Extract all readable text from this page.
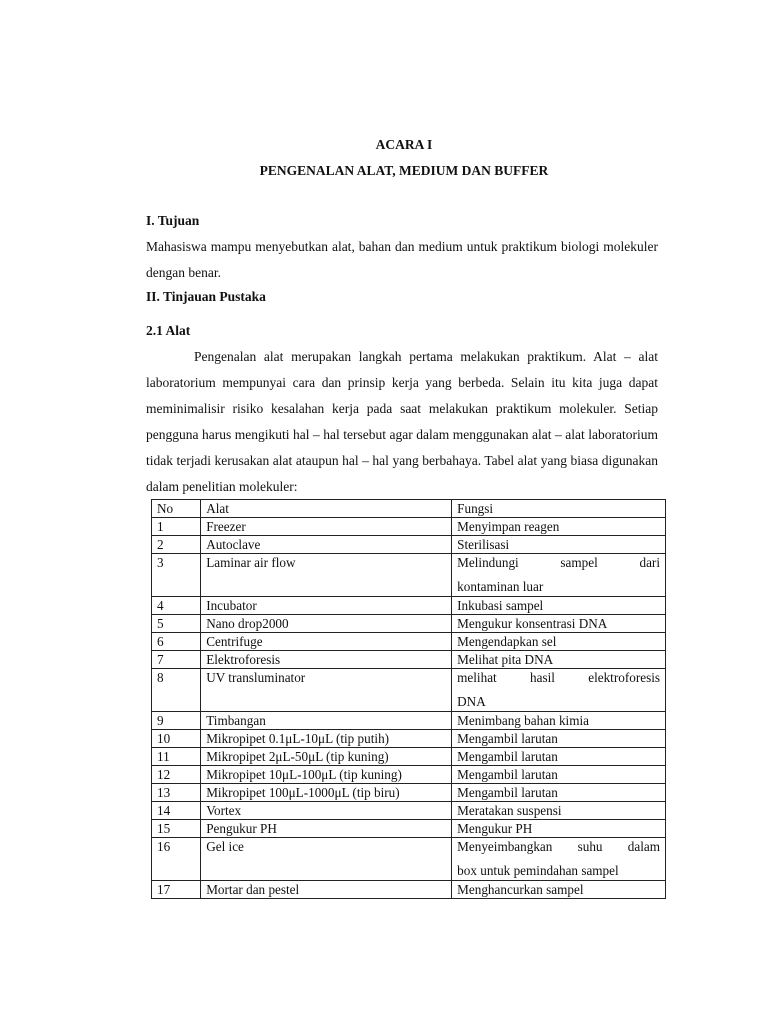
ACARA I
PENGENALAN ALAT, MEDIUM DAN BUFFER
I. Tujuan
Mahasiswa mampu menyebutkan alat, bahan dan medium untuk praktikum biologi molekuler dengan benar.
II. Tinjauan Pustaka
2.1 Alat
Pengenalan alat merupakan langkah pertama melakukan praktikum. Alat – alat laboratorium mempunyai cara dan prinsip kerja yang berbeda. Selain itu kita juga dapat meminimalisir risiko kesalahan kerja pada saat melakukan praktikum molekuler. Setiap pengguna harus mengikuti hal – hal tersebut agar dalam menggunakan alat – alat laboratorium tidak terjadi kerusakan alat ataupun hal – hal yang berbahaya. Tabel alat yang biasa digunakan dalam penelitian molekuler:
No	Alat	Fungsi
1	Freezer	Menyimpan reagen
2	Autoclave	Sterilisasi
3	Laminar air flow	Melindungi sampel dari
kontaminan luar

4	Incubator	Inkubasi sampel
5	Nano drop2000	Mengukur konsentrasi DNA
6	Centrifuge	Mengendapkan sel
7	Elektroforesis	Melihat pita DNA
8	UV transluminator	melihat hasil elektroforesis
DNA

9	Timbangan	Menimbang bahan kimia
10	Mikropipet 0.1μL-10μL (tip putih)	Mengambil larutan
11	Mikropipet 2μL-50μL (tip kuning)	Mengambil larutan
12	Mikropipet 10μL-100μL (tip kuning)	Mengambil larutan
13	Mikropipet 100μL-1000μL (tip biru)	Mengambil larutan
14	Vortex	Meratakan suspensi
15	Pengukur PH	Mengukur PH
16	Gel ice	Menyeimbangkan suhu dalam
box untuk pemindahan sampel

17	Mortar dan pestel	Menghancurkan sampel
